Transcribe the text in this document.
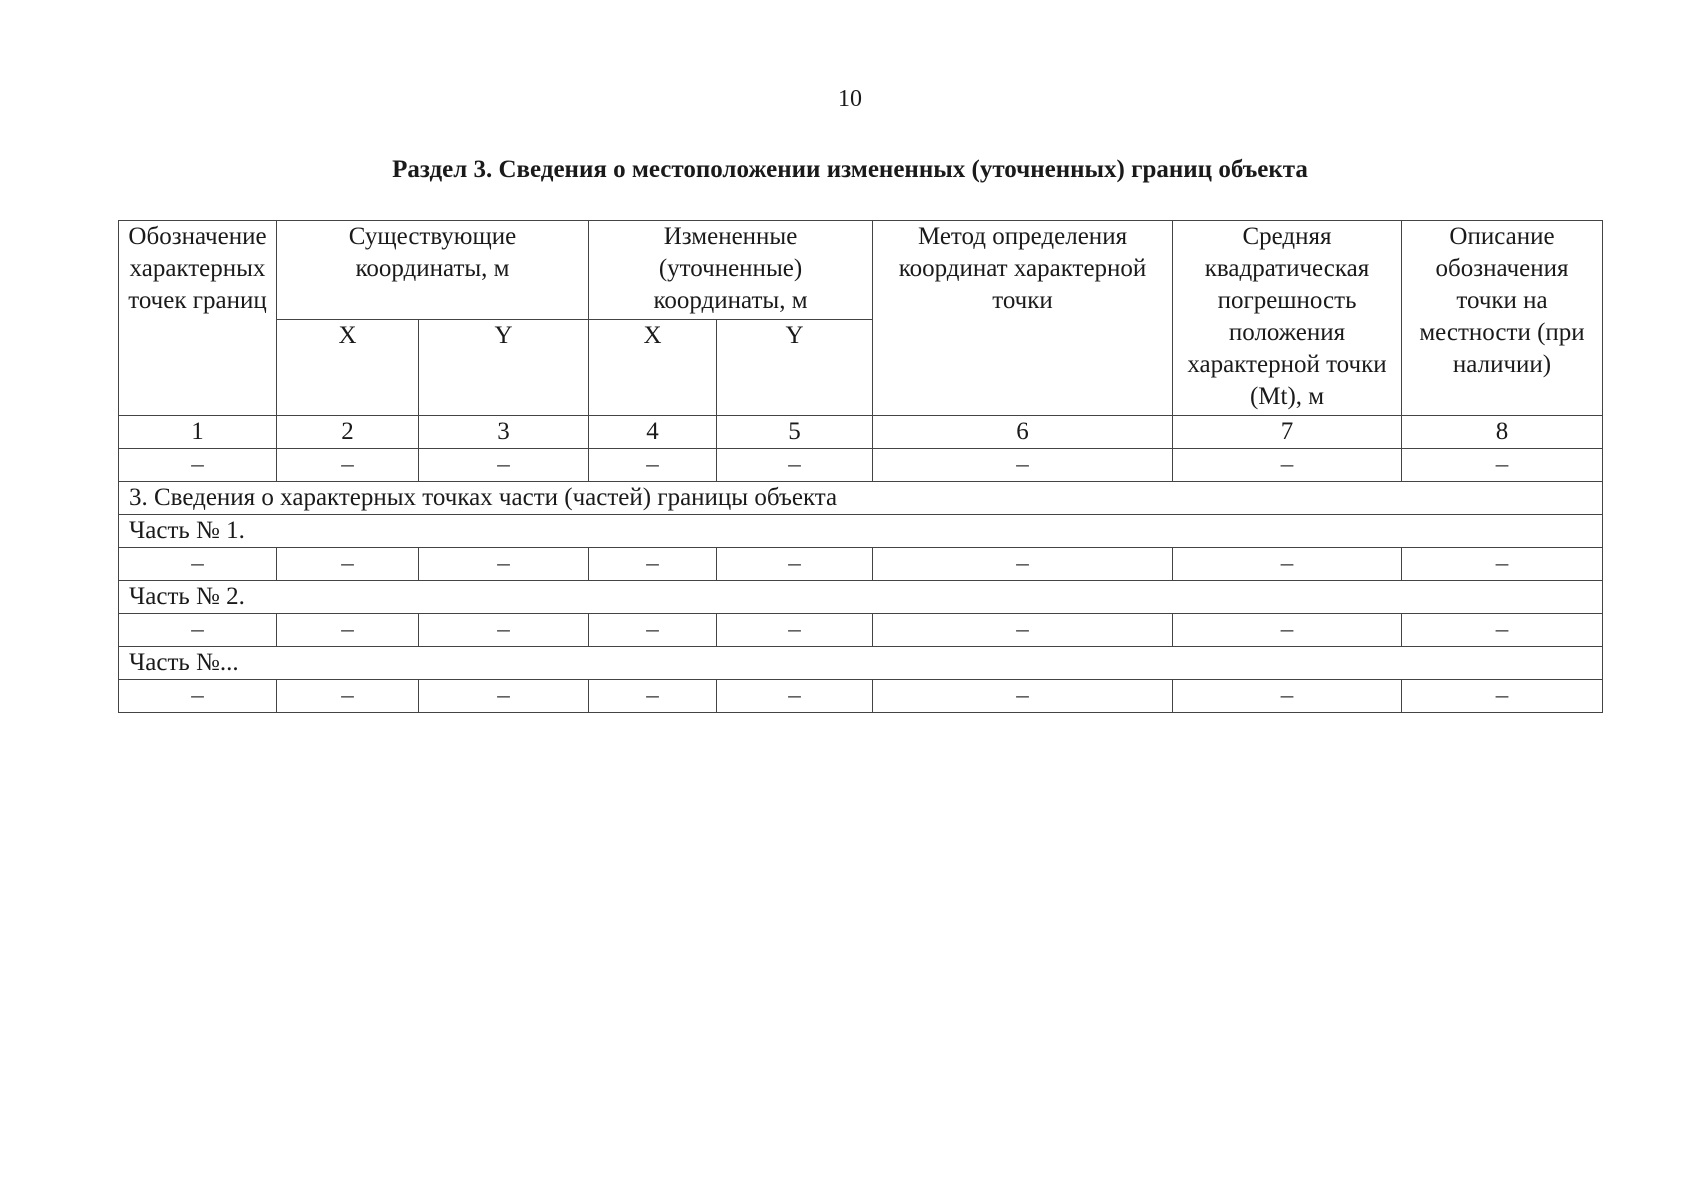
10
Раздел 3. Сведения о местоположении измененных (уточненных) границ объекта
Обозначение характерных точек границ	Существующие координаты, м		Измененные (уточненные) координаты, м		Метод определения координат характерной точки	Средняя квадратическая погрешность положения характерной точки (Mt), м	Описание обозначения точки на местности (при наличии)
	X	Y	X	Y			
1	2	3	4	5	6	7	8
–	–	–	–	–	–	–	–
3. Сведения о характерных точках части (частей) границы объекта							
Часть № 1.							
–	–	–	–	–	–	–	–
Часть № 2.							
–	–	–	–	–	–	–	–
Часть №...							
–	–	–	–	–	–	–	–
